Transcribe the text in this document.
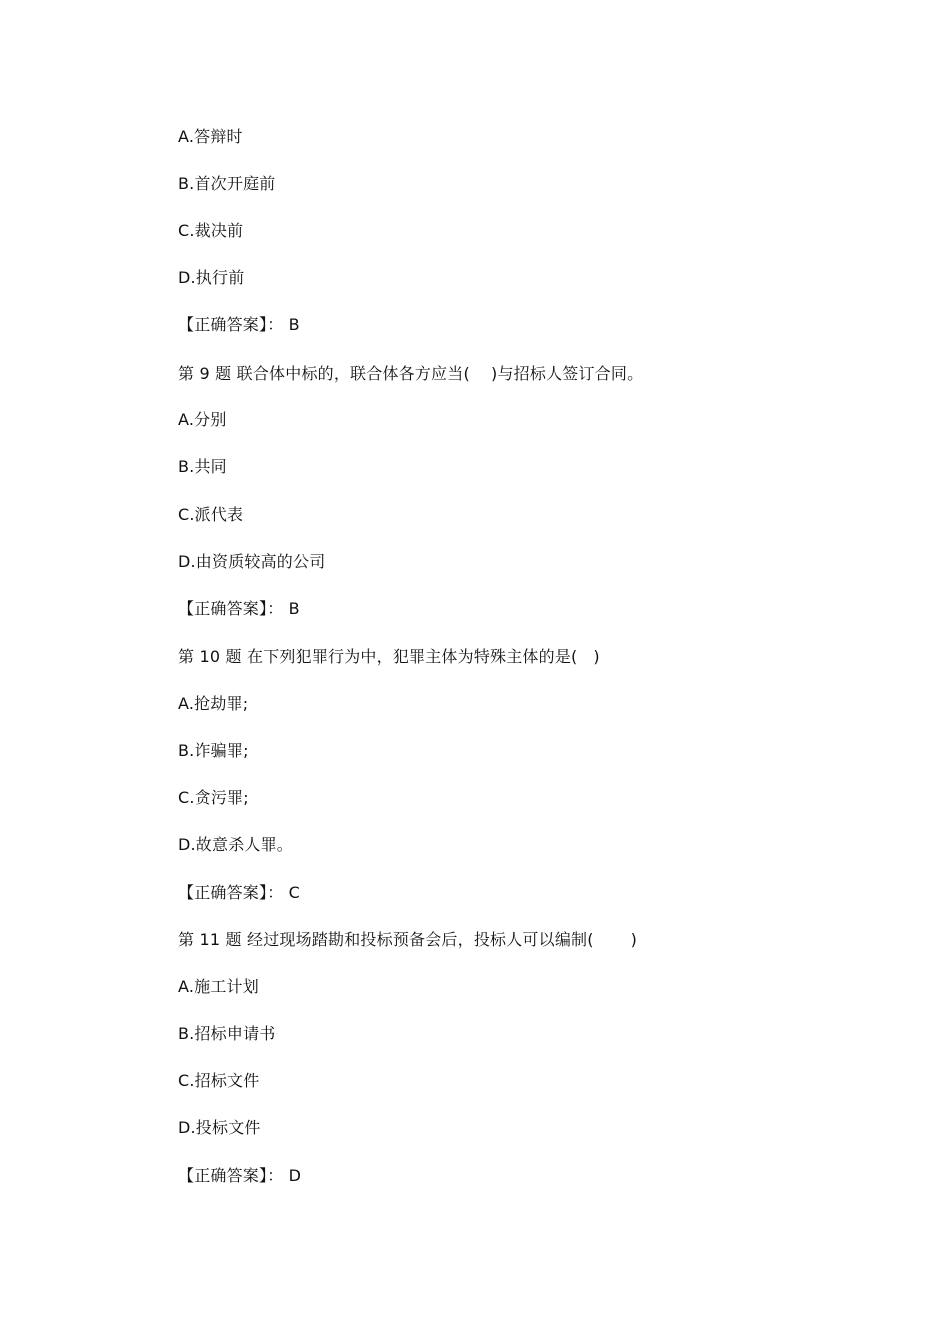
A.答辩时
B.首次开庭前
C.裁决前
D.执行前
【正确答案】： B
第 9 题 联合体中标的，联合体各方应当(    )与招标人签订合同。
A.分别
B.共同
C.派代表
D.由资质较高的公司
【正确答案】： B
第 10 题 在下列犯罪行为中，犯罪主体为特殊主体的是(   )
A.抢劫罪;
B.诈骗罪;
C.贪污罪;
D.故意杀人罪。
【正确答案】： C
第 11 题 经过现场踏勘和投标预备会后，投标人可以编制(       )
A.施工计划
B.招标申请书
C.招标文件
D.投标文件
【正确答案】： D
